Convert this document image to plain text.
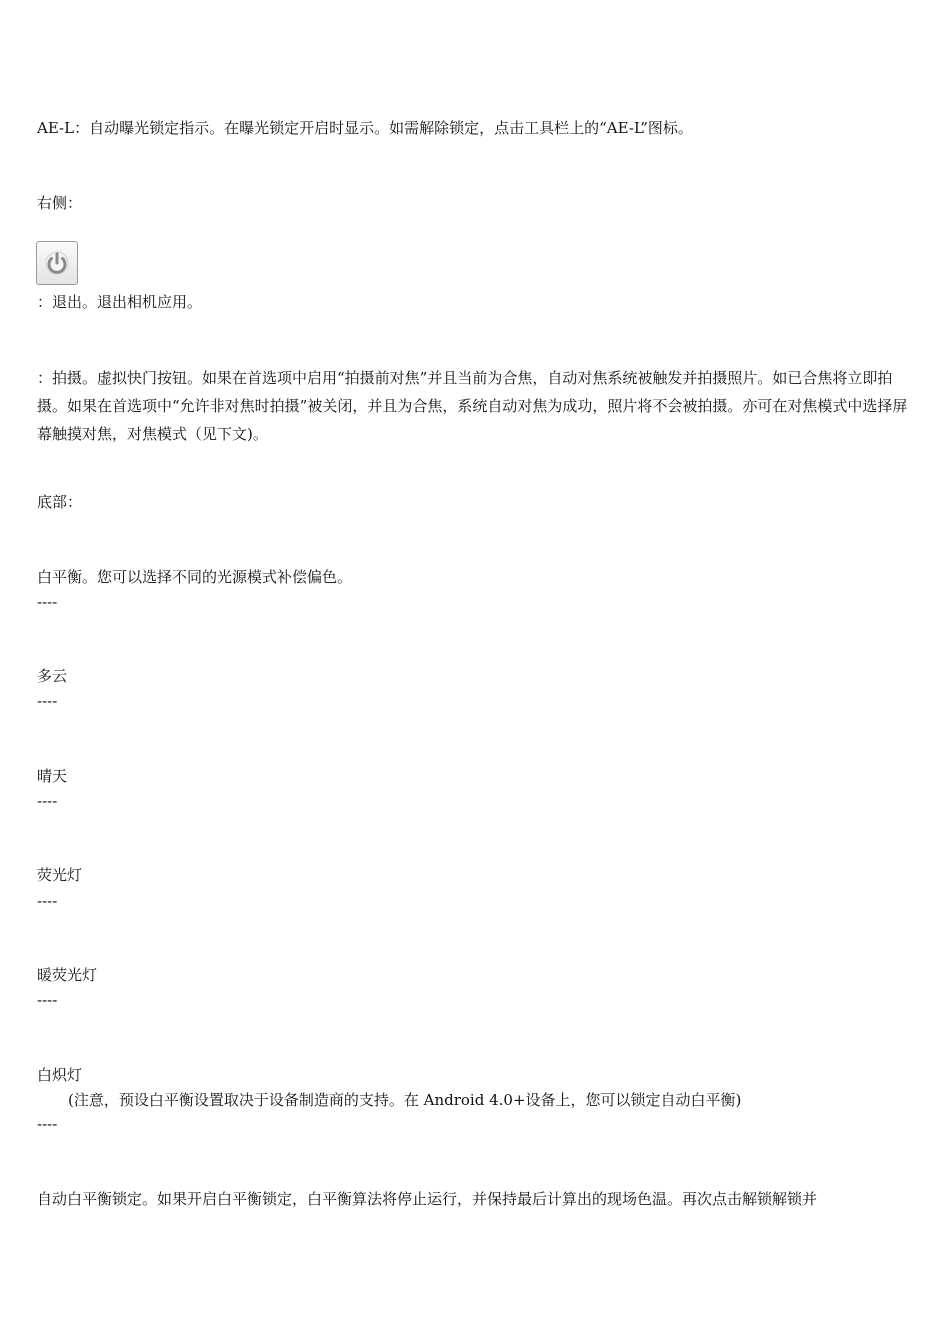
AE-L：自动曝光锁定指示。在曝光锁定开启时显示。如需解除锁定，点击工具栏上的“AE-L”图标。
右侧：
：退出。退出相机应用。
：拍摄。虚拟快门按钮。如果在首选项中启用“拍摄前对焦”并且当前为合焦，自动对焦系统被触发并拍摄照片。如已合焦将立即拍摄。如果在首选项中“允许非对焦时拍摄”被关闭，并且为合焦，系统自动对焦为成功，照片将不会被拍摄。亦可在对焦模式中选择屏幕触摸对焦，对焦模式（见下文)。
底部：
白平衡。您可以选择不同的光源模式补偿偏色。
----
多云
----
晴天
----
荧光灯
----
暖荧光灯
----
白炽灯
(注意，预设白平衡设置取决于设备制造商的支持。在 Android 4.0+设备上，您可以锁定自动白平衡)
----
自动白平衡锁定。如果开启白平衡锁定，白平衡算法将停止运行，并保持最后计算出的现场色温。再次点击解锁解锁并
